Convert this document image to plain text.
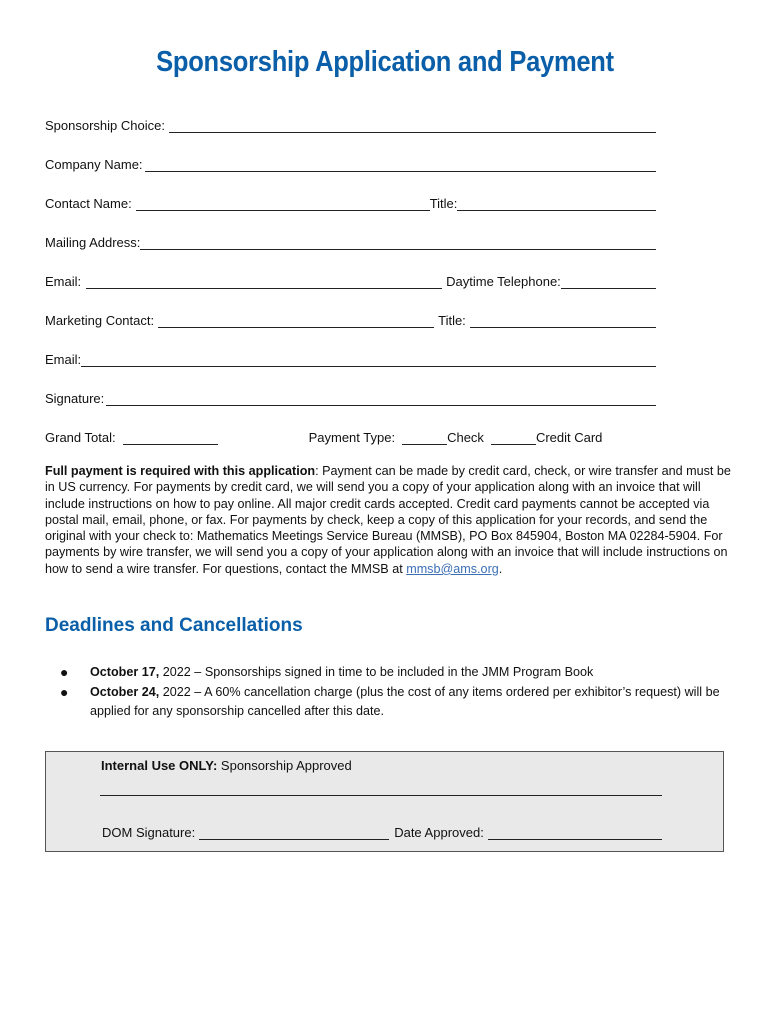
Sponsorship Application and Payment
Sponsorship Choice:
Company Name:
Contact Name:	Title:
Mailing Address:
Email:	Daytime Telephone:
Marketing Contact:	Title:
Email:
Signature:
Grand Total:	Payment Type:	Check	Credit Card
Full payment is required with this application: Payment can be made by credit card, check, or wire transfer and must be in US currency. For payments by credit card, we will send you a copy of your application along with an invoice that will include instructions on how to pay online. All major credit cards accepted. Credit card payments cannot be accepted via postal mail, email, phone, or fax. For payments by check, keep a copy of this application for your records, and send the original with your check to: Mathematics Meetings Service Bureau (MMSB), PO Box 845904, Boston MA 02284-5904. For payments by wire transfer, we will send you a copy of your application along with an invoice that will include instructions on how to send a wire transfer. For questions, contact the MMSB at mmsb@ams.org.
Deadlines and Cancellations
●	October 17, 2022 – Sponsorships signed in time to be included in the JMM Program Book
●	October 24, 2022 – A 60% cancellation charge (plus the cost of any items ordered per exhibitor’s request) will be applied for any sponsorship cancelled after this date.
Internal Use ONLY: Sponsorship Approved
DOM Signature:	Date Approved:
